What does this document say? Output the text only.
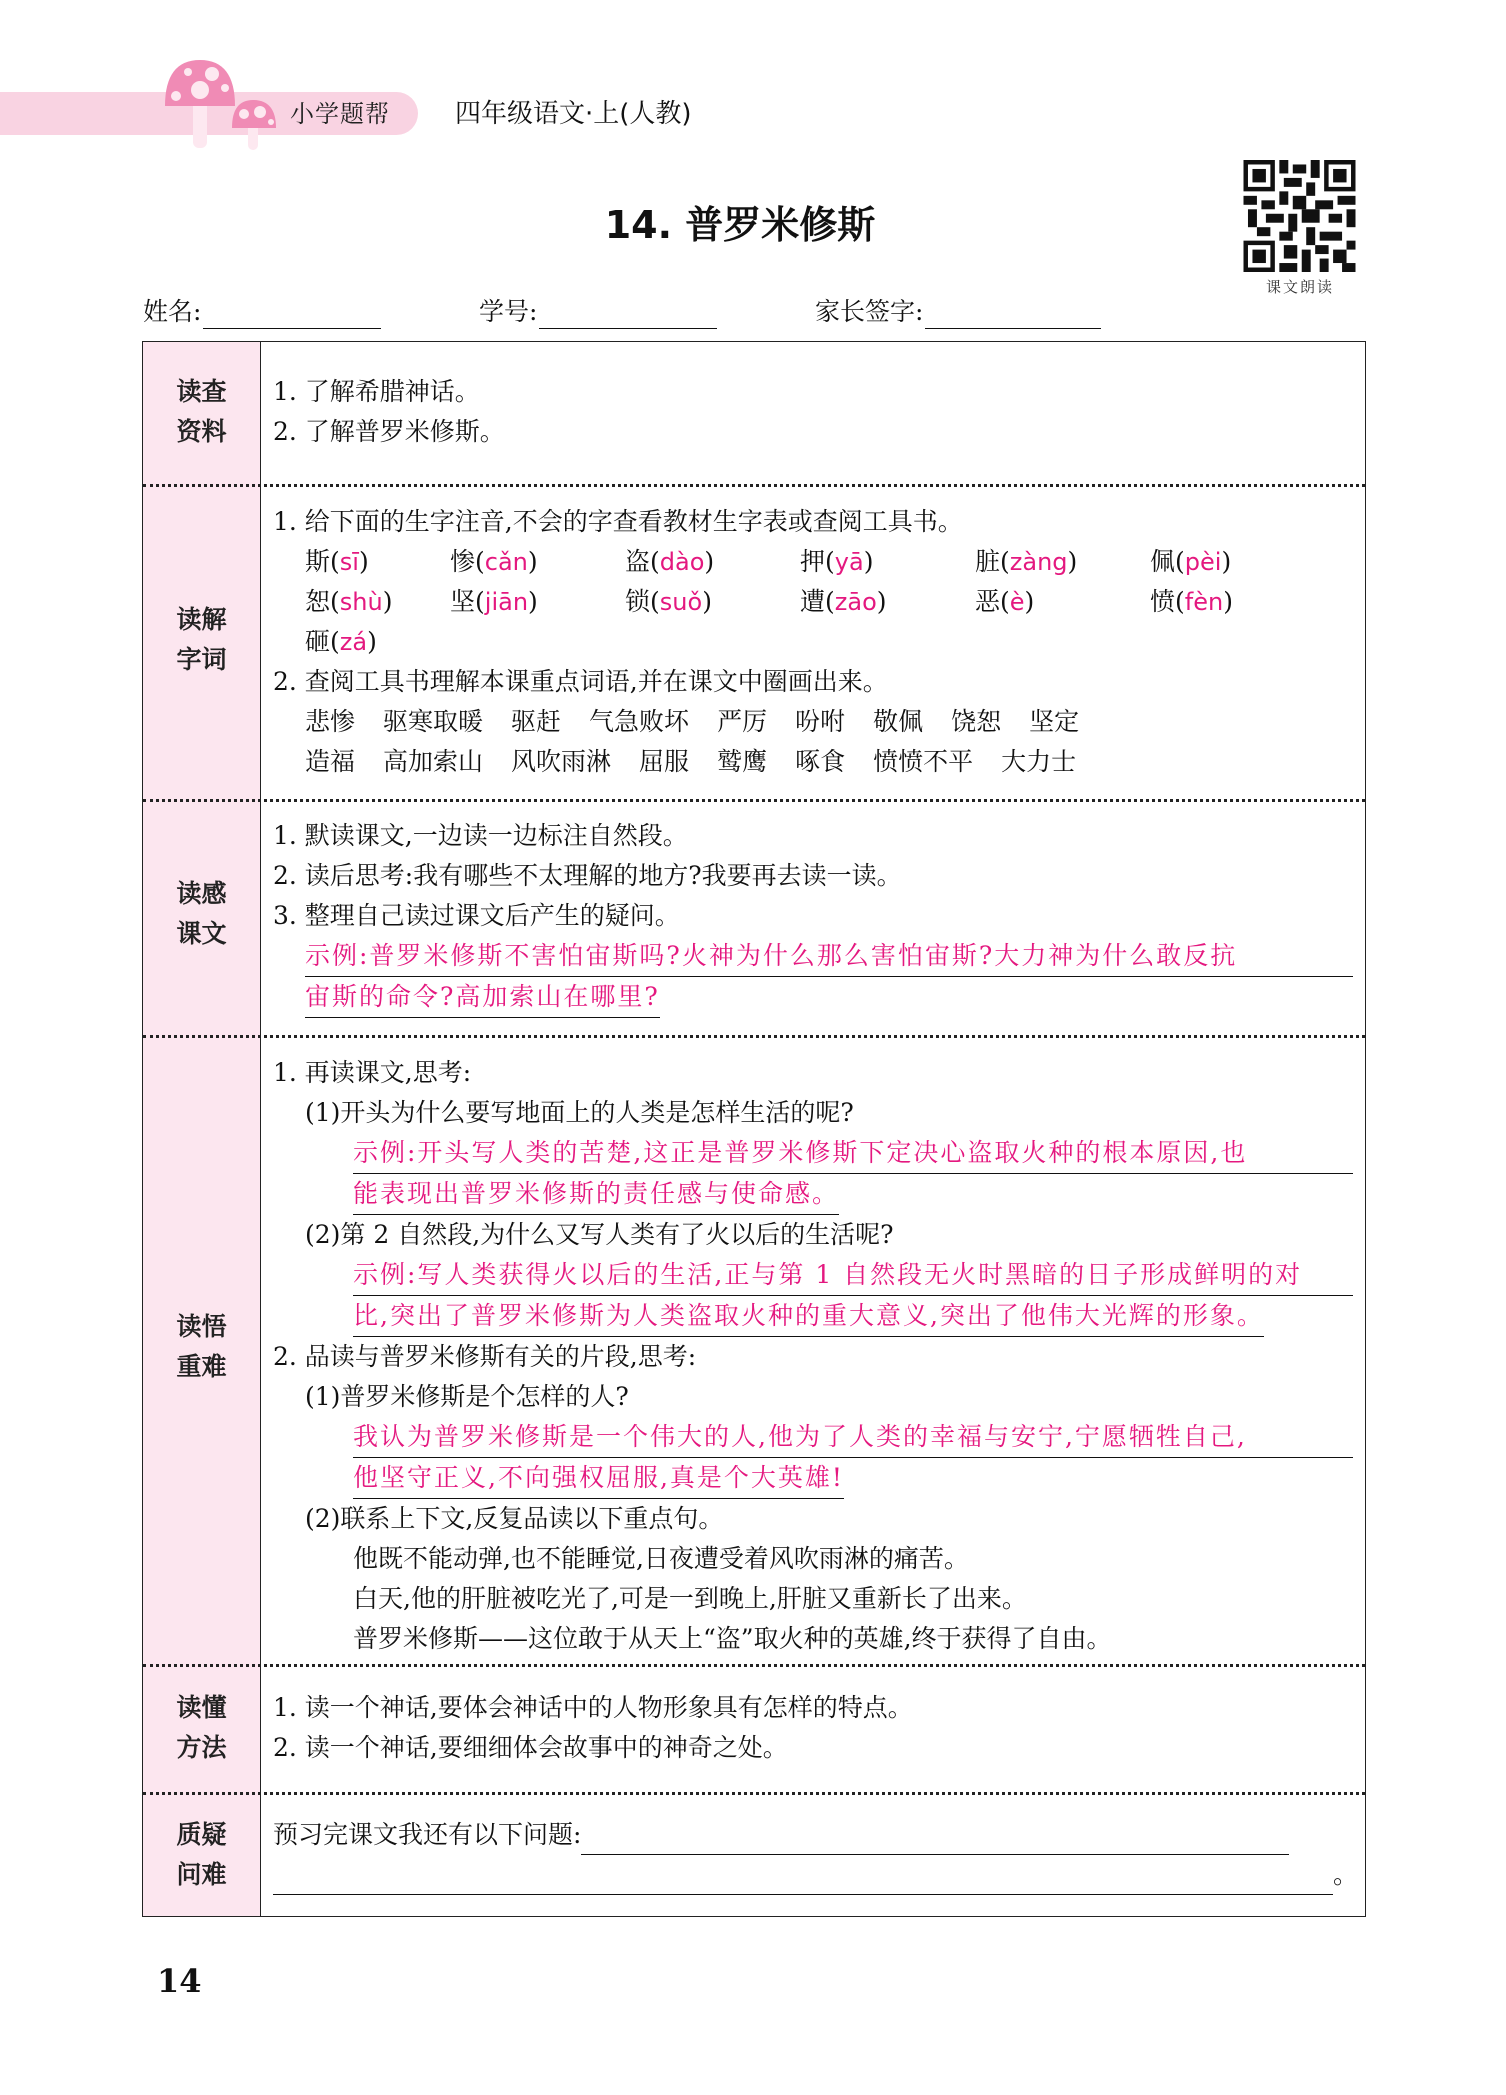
小学题帮	四年级语文·上(人教)
14. 普罗米修斯
课文朗读
姓名:	学号:	家长签字:
读查
资料
1. 了解希腊神话。
2. 了解普罗米修斯。
读解
字词
1. 给下面的生字注音,不会的字查看教材生字表或查阅工具书。
斯(sī)	惨(cǎn)	盗(dào)	押(yā)	脏(zàng)	佩(pèi)
恕(shù)	坚(jiān)	锁(suǒ)	遭(zāo)	恶(è)	愤(fèn)
砸(zá)
2. 查阅工具书理解本课重点词语,并在课文中圈画出来。
悲惨 驱寒取暖 驱赶 气急败坏 严厉 吩咐 敬佩 饶恕 坚定
造福 高加索山 风吹雨淋 屈服 鹫鹰 啄食 愤愤不平 大力士
读感
课文
1. 默读课文,一边读一边标注自然段。
2. 读后思考:我有哪些不太理解的地方?我要再去读一读。
3. 整理自己读过课文后产生的疑问。
示例:普罗米修斯不害怕宙斯吗?火神为什么那么害怕宙斯?大力神为什么敢反抗
宙斯的命令?高加索山在哪里?
读悟
重难
1. 再读课文,思考:
(1)开头为什么要写地面上的人类是怎样生活的呢?
示例:开头写人类的苦楚,这正是普罗米修斯下定决心盗取火种的根本原因,也
能表现出普罗米修斯的责任感与使命感。
(2)第 2 自然段,为什么又写人类有了火以后的生活呢?
示例:写人类获得火以后的生活,正与第 1 自然段无火时黑暗的日子形成鲜明的对
比,突出了普罗米修斯为人类盗取火种的重大意义,突出了他伟大光辉的形象。
2. 品读与普罗米修斯有关的片段,思考:
(1)普罗米修斯是个怎样的人?
我认为普罗米修斯是一个伟大的人,他为了人类的幸福与安宁,宁愿牺牲自己,
他坚守正义,不向强权屈服,真是个大英雄!
(2)联系上下文,反复品读以下重点句。
他既不能动弹,也不能睡觉,日夜遭受着风吹雨淋的痛苦。
白天,他的肝脏被吃光了,可是一到晚上,肝脏又重新长了出来。
普罗米修斯——这位敢于从天上“盗”取火种的英雄,终于获得了自由。
读懂
方法
1. 读一个神话,要体会神话中的人物形象具有怎样的特点。
2. 读一个神话,要细细体会故事中的神奇之处。
质疑
问难
预习完课文我还有以下问题:
。
14
